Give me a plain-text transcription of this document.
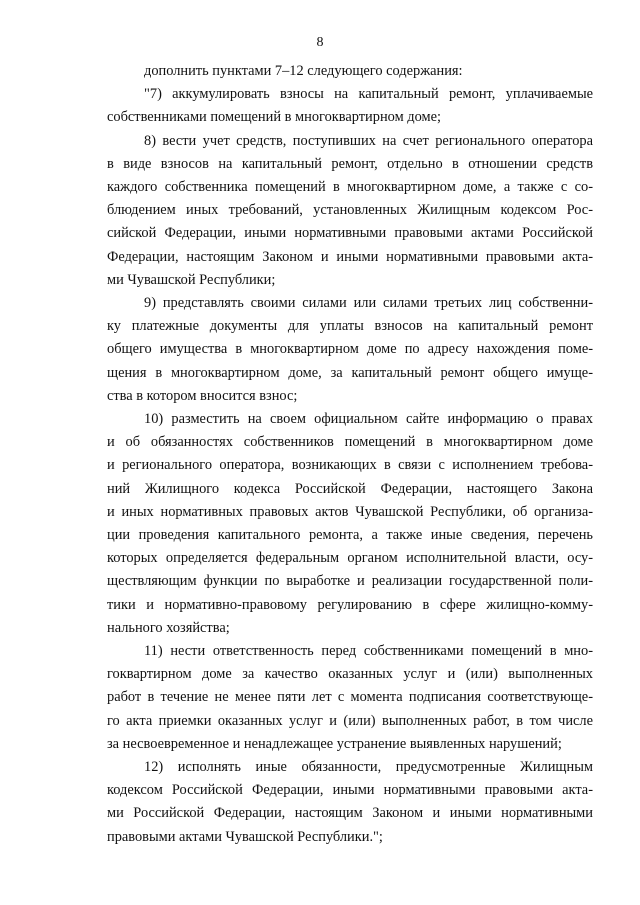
8
дополнить пунктами 7–12 следующего содержания:
"7) аккумулировать взносы на капитальный ремонт, уплачиваемые
собственниками помещений в многоквартирном доме;
8) вести учет средств, поступивших на счет регионального оператора
в виде взносов на капитальный ремонт, отдельно в отношении средств
каждого собственника помещений в многоквартирном доме, а также с со-
блюдением иных требований, установленных Жилищным кодексом Рос-
сийской Федерации, иными нормативными правовыми актами Российской
Федерации, настоящим Законом и иными нормативными правовыми акта-
ми Чувашской Республики;
9) представлять своими силами или силами третьих лиц собственни-
ку платежные документы для уплаты взносов на капитальный ремонт
общего имущества в многоквартирном доме по адресу нахождения поме-
щения в многоквартирном доме, за капитальный ремонт общего имуще-
ства в котором вносится взнос;
10) разместить на своем официальном сайте информацию о правах
и об обязанностях собственников помещений в многоквартирном доме
и регионального оператора, возникающих в связи с исполнением требова-
ний Жилищного кодекса Российской Федерации, настоящего Закона
и иных нормативных правовых актов Чувашской Республики, об организа-
ции проведения капитального ремонта, а также иные сведения, перечень
которых определяется федеральным органом исполнительной власти, осу-
ществляющим функции по выработке и реализации государственной поли-
тики и нормативно-правовому регулированию в сфере жилищно-комму-
нального хозяйства;
11) нести ответственность перед собственниками помещений в мно-
гоквартирном доме за качество оказанных услуг и (или) выполненных
работ в течение не менее пяти лет с момента подписания соответствующе-
го акта приемки оказанных услуг и (или) выполненных работ, в том числе
за несвоевременное и ненадлежащее устранение выявленных нарушений;
12) исполнять иные обязанности, предусмотренные Жилищным
кодексом Российской Федерации, иными нормативными правовыми акта-
ми Российской Федерации, настоящим Законом и иными нормативными
правовыми актами Чувашской Республики.";
